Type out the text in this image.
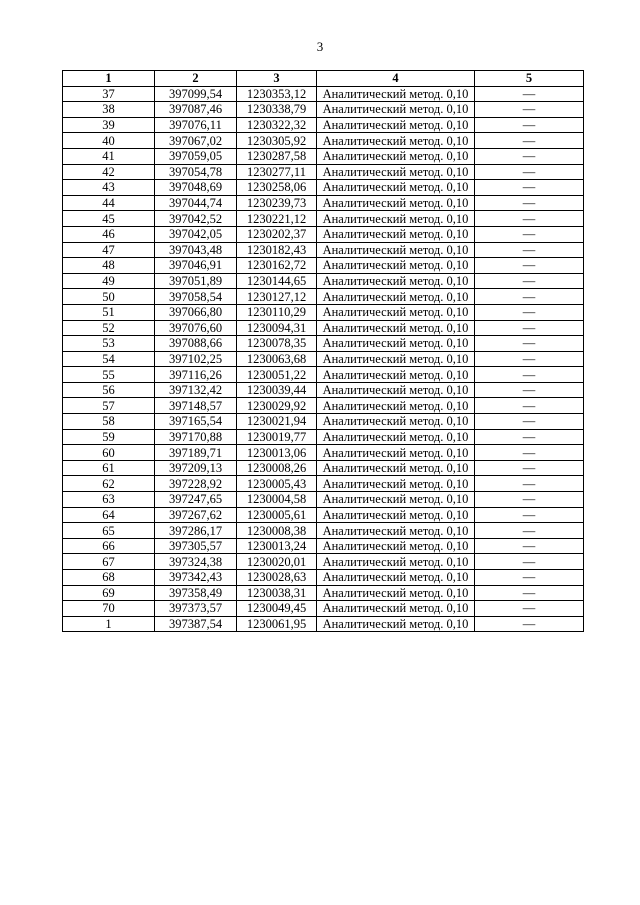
3
1	2	3	4	5
37	397099,54	1230353,12	Аналитический метод. 0,10	—
38	397087,46	1230338,79	Аналитический метод. 0,10	—
39	397076,11	1230322,32	Аналитический метод. 0,10	—
40	397067,02	1230305,92	Аналитический метод. 0,10	—
41	397059,05	1230287,58	Аналитический метод. 0,10	—
42	397054,78	1230277,11	Аналитический метод. 0,10	—
43	397048,69	1230258,06	Аналитический метод. 0,10	—
44	397044,74	1230239,73	Аналитический метод. 0,10	—
45	397042,52	1230221,12	Аналитический метод. 0,10	—
46	397042,05	1230202,37	Аналитический метод. 0,10	—
47	397043,48	1230182,43	Аналитический метод. 0,10	—
48	397046,91	1230162,72	Аналитический метод. 0,10	—
49	397051,89	1230144,65	Аналитический метод. 0,10	—
50	397058,54	1230127,12	Аналитический метод. 0,10	—
51	397066,80	1230110,29	Аналитический метод. 0,10	—
52	397076,60	1230094,31	Аналитический метод. 0,10	—
53	397088,66	1230078,35	Аналитический метод. 0,10	—
54	397102,25	1230063,68	Аналитический метод. 0,10	—
55	397116,26	1230051,22	Аналитический метод. 0,10	—
56	397132,42	1230039,44	Аналитический метод. 0,10	—
57	397148,57	1230029,92	Аналитический метод. 0,10	—
58	397165,54	1230021,94	Аналитический метод. 0,10	—
59	397170,88	1230019,77	Аналитический метод. 0,10	—
60	397189,71	1230013,06	Аналитический метод. 0,10	—
61	397209,13	1230008,26	Аналитический метод. 0,10	—
62	397228,92	1230005,43	Аналитический метод. 0,10	—
63	397247,65	1230004,58	Аналитический метод. 0,10	—
64	397267,62	1230005,61	Аналитический метод. 0,10	—
65	397286,17	1230008,38	Аналитический метод. 0,10	—
66	397305,57	1230013,24	Аналитический метод. 0,10	—
67	397324,38	1230020,01	Аналитический метод. 0,10	—
68	397342,43	1230028,63	Аналитический метод. 0,10	—
69	397358,49	1230038,31	Аналитический метод. 0,10	—
70	397373,57	1230049,45	Аналитический метод. 0,10	—
1	397387,54	1230061,95	Аналитический метод. 0,10	—
